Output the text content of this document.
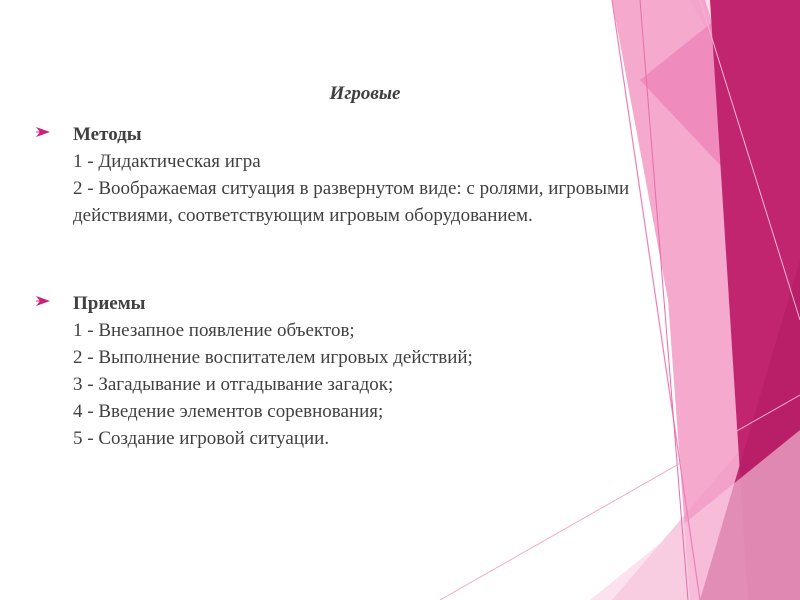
Игровые
Методы
1 - Дидактическая игра
2 - Воображаемая ситуация в развернутом виде: с ролями, игровыми действиями, соответствующим игровым оборудованием.
Приемы
1 - Внезапное появление объектов;
2 - Выполнение воспитателем игровых действий;
3 - Загадывание и отгадывание загадок;
4 - Введение элементов соревнования;
5 - Создание игровой ситуации.
